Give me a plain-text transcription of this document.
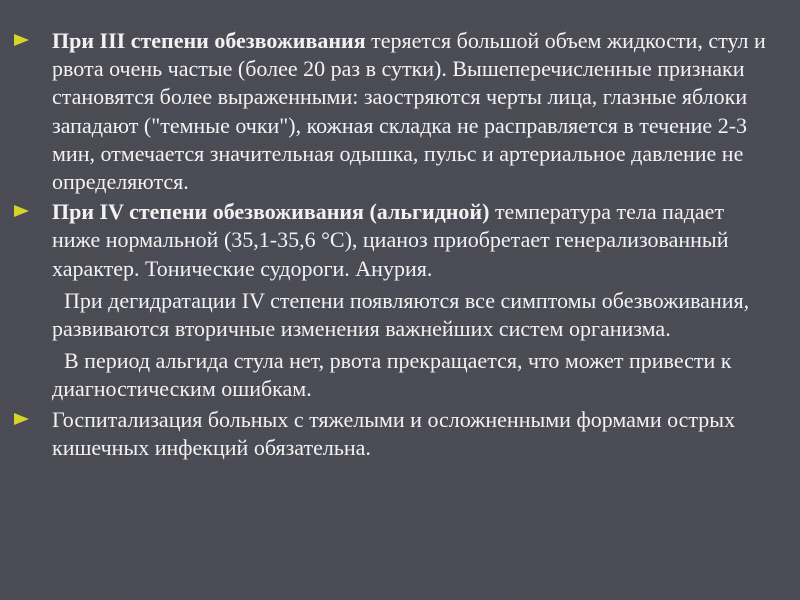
При III степени обезвоживания теряется большой объем жидкости, стул и рвота очень частые (более 20 раз в сутки). Вышеперечисленные признаки становятся более выраженными: заостряются черты лица, глазные яблоки западают ("темные очки"), кожная складка не расправляется в течение 2-3 мин, отмечается значительная одышка, пульс и артериальное давление не определяются.

При IV степени обезвоживания (альгидной) температура тела падает ниже нормальной (35,1-35,6 °С), цианоз приобретает генерализованный характер. Тонические судороги. Анурия.

При дегидратации IV степени появляются все симптомы обезвоживания, развиваются вторичные изменения важнейших систем организма.

В период альгида стула нет, рвота прекращается, что может привести к диагностическим ошибкам.

Госпитализация больных с тяжелыми и осложненными формами острых кишечных инфекций обязательна.
